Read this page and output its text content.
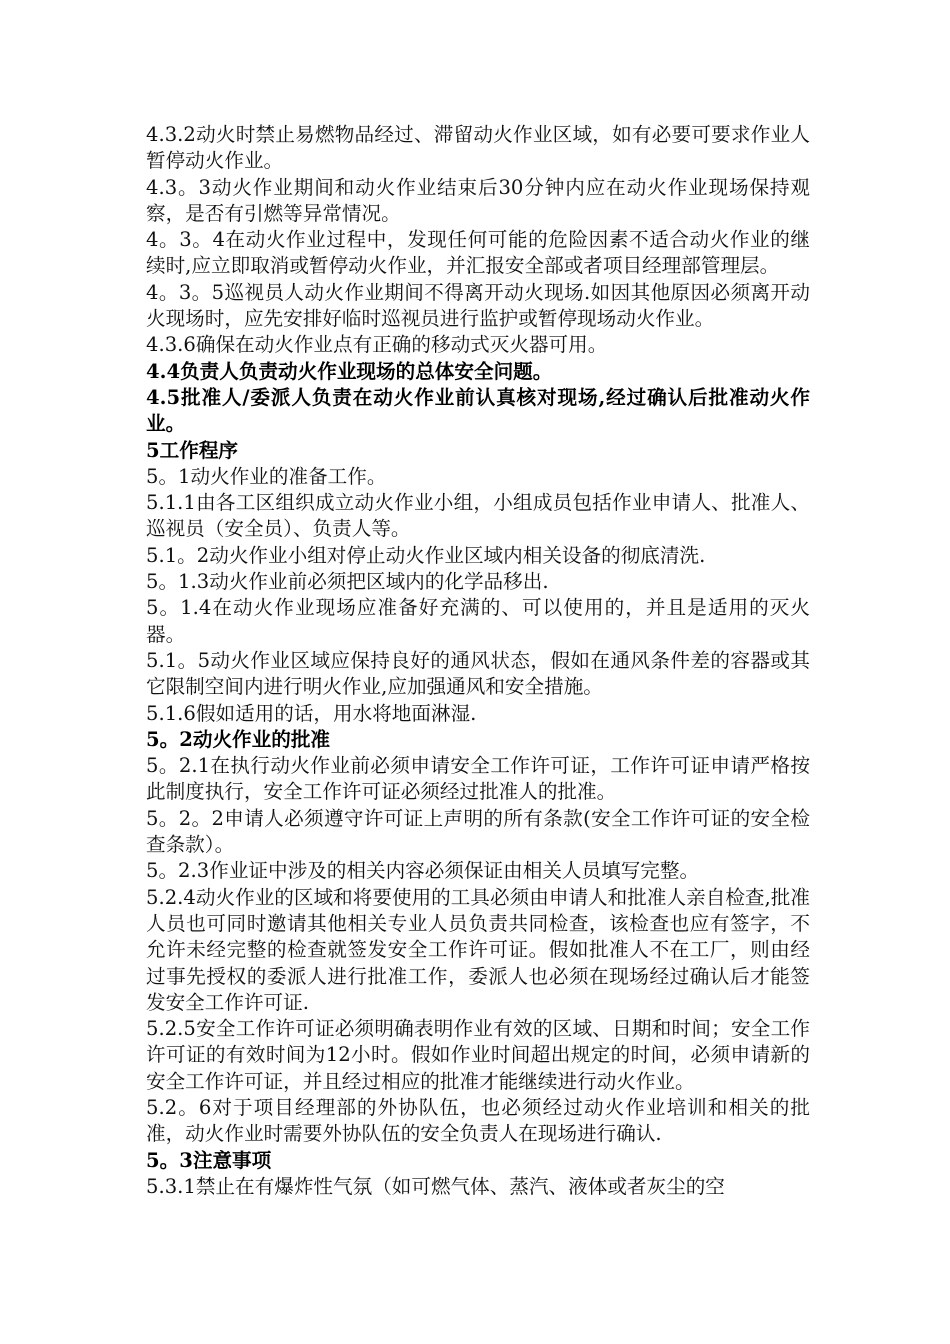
4.3.2动火时禁止易燃物品经过、滞留动火作业区域，如有必要可要求作业人暂停动火作业。

4.3。3动火作业期间和动火作业结束后30分钟内应在动火作业现场保持观察，是否有引燃等异常情况。

4。3。4在动火作业过程中，发现任何可能的危险因素不适合动火作业的继续时,应立即取消或暂停动火作业，并汇报安全部或者项目经理部管理层。

4。3。5巡视员人动火作业期间不得离开动火现场.如因其他原因必须离开动火现场时，应先安排好临时巡视员进行监护或暂停现场动火作业。

4.3.6确保在动火作业点有正确的移动式灭火器可用。

4.4负责人负责动火作业现场的总体安全问题。

4.5批准人/委派人负责在动火作业前认真核对现场,经过确认后批准动火作业。

5工作程序

5。1动火作业的准备工作。

5.1.1由各工区组织成立动火作业小组，小组成员包括作业申请人、批准人、巡视员（安全员）、负责人等。

5.1。2动火作业小组对停止动火作业区域内相关设备的彻底清洗.

5。1.3动火作业前必须把区域内的化学品移出.

5。1.4在动火作业现场应准备好充满的、可以使用的，并且是适用的灭火器。

5.1。5动火作业区域应保持良好的通风状态，假如在通风条件差的容器或其它限制空间内进行明火作业,应加强通风和安全措施。

5.1.6假如适用的话，用水将地面淋湿.

5。2动火作业的批准

5。2.1在执行动火作业前必须申请安全工作许可证，工作许可证申请严格按此制度执行，安全工作许可证必须经过批准人的批准。

5。2。2申请人必须遵守许可证上声明的所有条款(安全工作许可证的安全检查条款）。

5。2.3作业证中涉及的相关内容必须保证由相关人员填写完整。

5.2.4动火作业的区域和将要使用的工具必须由申请人和批准人亲自检查,批准人员也可同时邀请其他相关专业人员负责共同检查，该检查也应有签字，不允许未经完整的检查就签发安全工作许可证。假如批准人不在工厂，则由经过事先授权的委派人进行批准工作，委派人也必须在现场经过确认后才能签发安全工作许可证.

5.2.5安全工作许可证必须明确表明作业有效的区域、日期和时间；安全工作许可证的有效时间为12小时。假如作业时间超出规定的时间，必须申请新的安全工作许可证，并且经过相应的批准才能继续进行动火作业。

5.2。6对于项目经理部的外协队伍，也必须经过动火作业培训和相关的批准，动火作业时需要外协队伍的安全负责人在现场进行确认.

5。3注意事项

5.3.1禁止在有爆炸性气氛（如可燃气体、蒸汽、液体或者灰尘的空
